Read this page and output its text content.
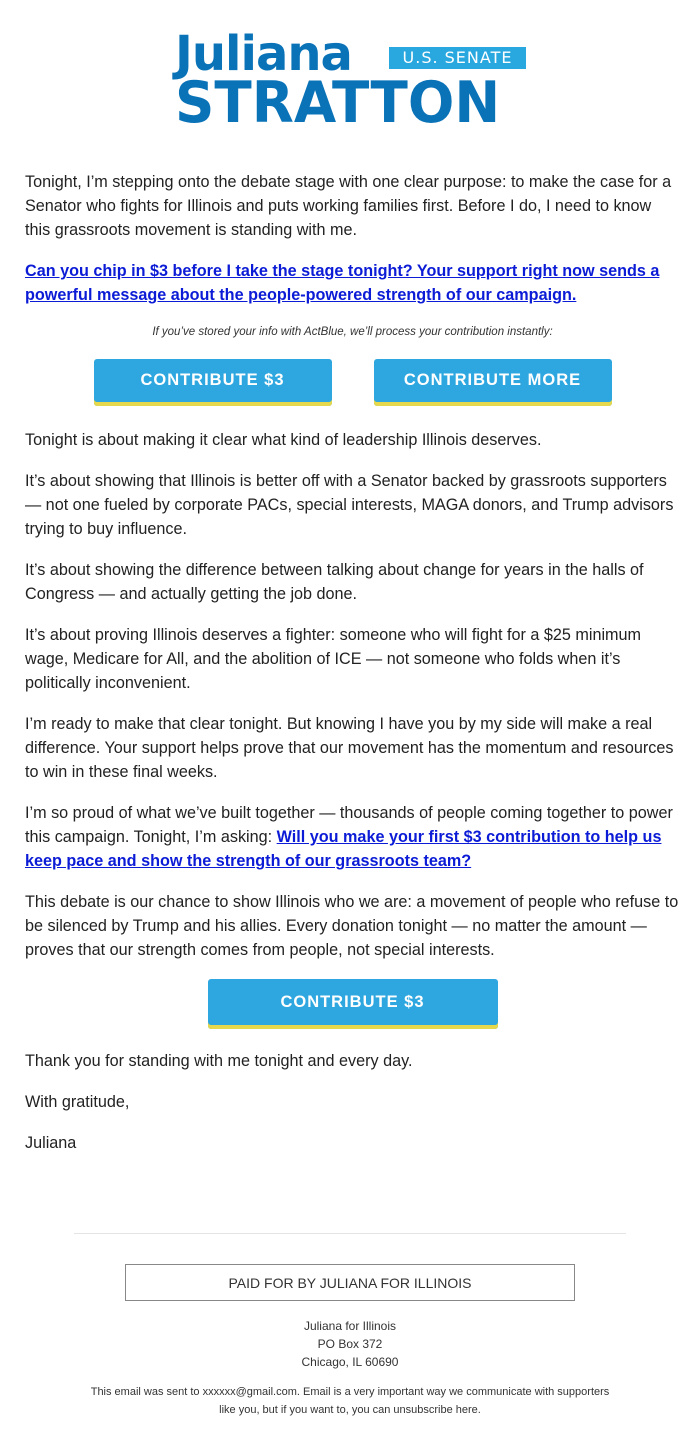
Juliana	U.S. SENATE
STRATTON

Tonight, I’m stepping onto the debate stage with one clear purpose: to make the case for a Senator who fights for Illinois and puts working families first. Before I do, I need to know this grassroots movement is standing with me.

Can you chip in $3 before I take the stage tonight? Your support right now sends a powerful message about the people-powered strength of our campaign.

If you’ve stored your info with ActBlue, we’ll process your contribution instantly:
CONTRIBUTE $3	CONTRIBUTE MORE

Tonight is about making it clear what kind of leadership Illinois deserves.

It’s about showing that Illinois is better off with a Senator backed by grassroots supporters — not one fueled by corporate PACs, special interests, MAGA donors, and Trump advisors trying to buy influence.

It’s about showing the difference between talking about change for years in the halls of Congress — and actually getting the job done.

It’s about proving Illinois deserves a fighter: someone who will fight for a $25 minimum wage, Medicare for All, and the abolition of ICE — not someone who folds when it’s politically inconvenient.

I’m ready to make that clear tonight. But knowing I have you by my side will make a real difference. Your support helps prove that our movement has the momentum and resources to win in these final weeks.

I’m so proud of what we’ve built together — thousands of people coming together to power this campaign. Tonight, I’m asking: Will you make your first $3 contribution to help us keep pace and show the strength of our grassroots team?

This debate is our chance to show Illinois who we are: a movement of people who refuse to be silenced by Trump and his allies. Every donation tonight — no matter the amount — proves that our strength comes from people, not special interests.

CONTRIBUTE $3

Thank you for standing with me tonight and every day.

With gratitude,

Juliana

PAID FOR BY JULIANA FOR ILLINOIS
Juliana for Illinois
PO Box 372
Chicago, IL 60690
This email was sent to xxxxxx@gmail.com. Email is a very important way we communicate with supporters like you, but if you want to, you can unsubscribe here.
